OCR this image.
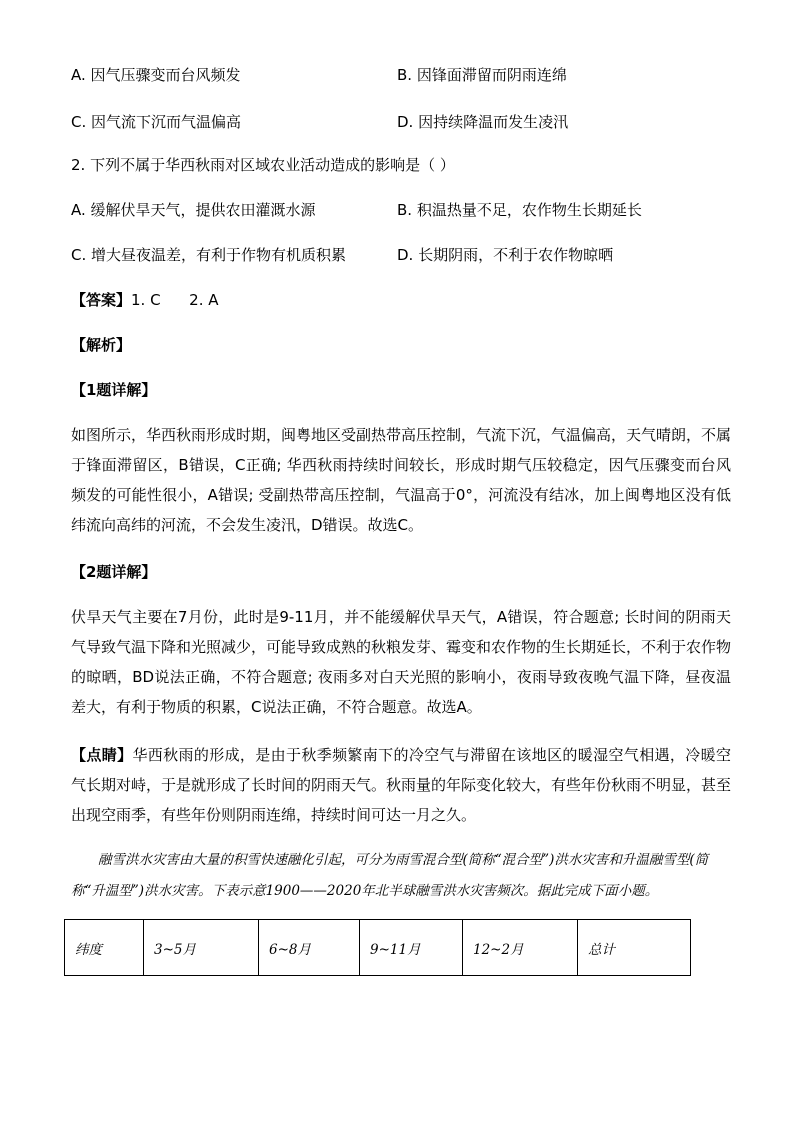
A. 因气压骤变而台风频发	B. 因锋面滞留而阴雨连绵
C. 因气流下沉而气温偏高	D. 因持续降温而发生凌汛
2. 下列不属于华西秋雨对区域农业活动造成的影响是（ ）
A. 缓解伏旱天气，提供农田灌溉水源	B. 积温热量不足，农作物生长期延长
C. 增大昼夜温差，有利于作物有机质积累	D. 长期阴雨，不利于农作物晾晒
【答案】1. C      2. A
【解析】
【1题详解】
如图所示，华西秋雨形成时期，闽粤地区受副热带高压控制，气流下沉，气温偏高，天气晴朗，不属于锋面滞留区，B错误，C正确; 华西秋雨持续时间较长，形成时期气压较稳定，因气压骤变而台风频发的可能性很小，A错误; 受副热带高压控制，气温高于0°，河流没有结冰，加上闽粤地区没有低纬流向高纬的河流，不会发生凌汛，D错误。故选C。
【2题详解】
伏旱天气主要在7月份，此时是9-11月，并不能缓解伏旱天气，A错误，符合题意; 长时间的阴雨天气导致气温下降和光照减少，可能导致成熟的秋粮发芽、霉变和农作物的生长期延长，不利于农作物的晾晒，BD说法正确，不符合题意; 夜雨多对白天光照的影响小，夜雨导致夜晚气温下降，昼夜温差大，有利于物质的积累，C说法正确，不符合题意。故选A。
【点睛】华西秋雨的形成，是由于秋季频繁南下的冷空气与滞留在该地区的暖湿空气相遇，冷暖空气长期对峙，于是就形成了长时间的阴雨天气。秋雨量的年际变化较大，有些年份秋雨不明显，甚至出现空雨季，有些年份则阴雨连绵，持续时间可达一月之久。
融雪洪水灾害由大量的积雪快速融化引起，可分为雨雪混合型(简称“混合型”)洪水灾害和升温融雪型(简称“升温型”)洪水灾害。下表示意1900——2020年北半球融雪洪水灾害频次。据此完成下面小题。
纬度	3~5月	6~8月	9~11月	12~2月	总计
